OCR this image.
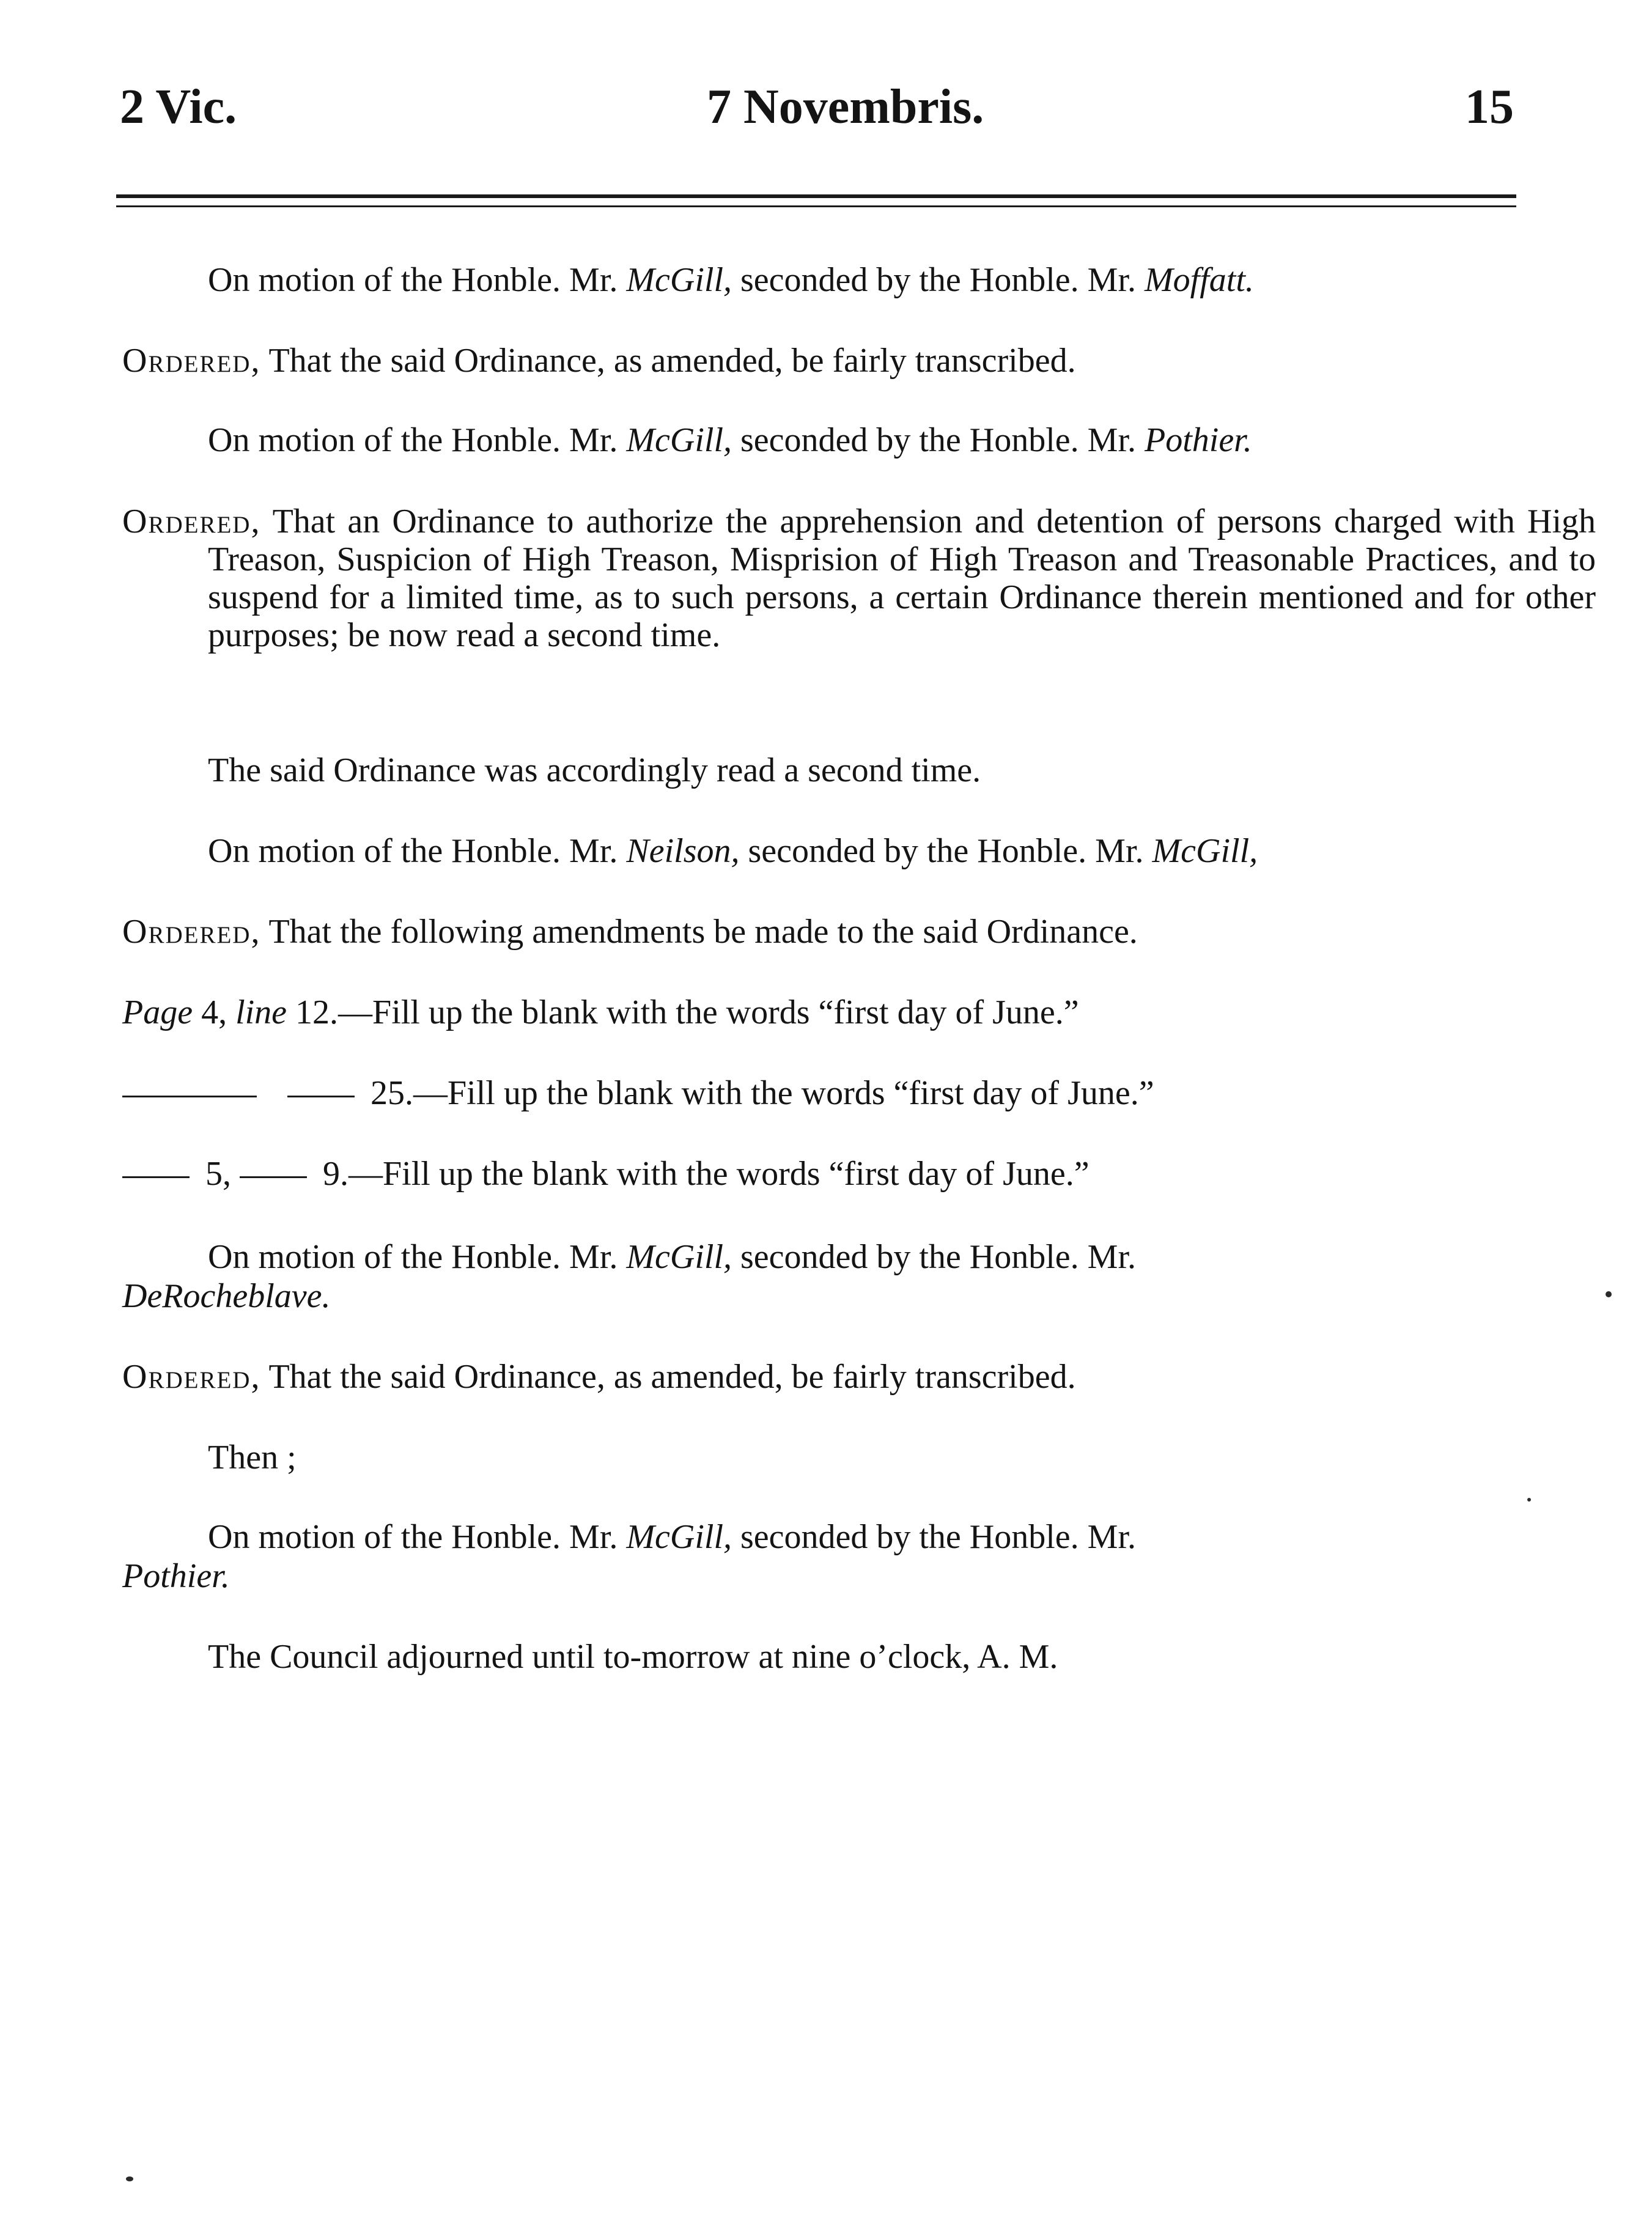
2 Vic.	7 Novembris.	15
On motion of the Honble. Mr. McGill, seconded by the Honble. Mr. Moffatt.
Ordered, That the said Ordinance, as amended, be fairly transcribed.
On motion of the Honble. Mr. McGill, seconded by the Honble. Mr. Pothier.
Ordered, That an Ordinance to authorize the apprehension and detention of persons charged with High Treason, Suspicion of High Treason, Misprision of High Treason and Treasonable Practices, and to suspend for a limited time, as to such persons, a certain Ordinance therein mentioned and for other purposes; be now read a second time.
The said Ordinance was accordingly read a second time.
On motion of the Honble. Mr. Neilson, seconded by the Honble. Mr. McGill,
Ordered, That the following amendments be made to the said Ordinance.
Page 4, line 12.—Fill up the blank with the words “first day of June.”
25.—Fill up the blank with the words “first day of June.”
5,	9.—Fill up the blank with the words “first day of June.”
On motion of the Honble. Mr. McGill, seconded by the Honble. Mr.
DeRocheblave.
Ordered, That the said Ordinance, as amended, be fairly transcribed.
Then ;
On motion of the Honble. Mr. McGill, seconded by the Honble. Mr.
Pothier.
The Council adjourned until to-morrow at nine o’clock, A. M.
